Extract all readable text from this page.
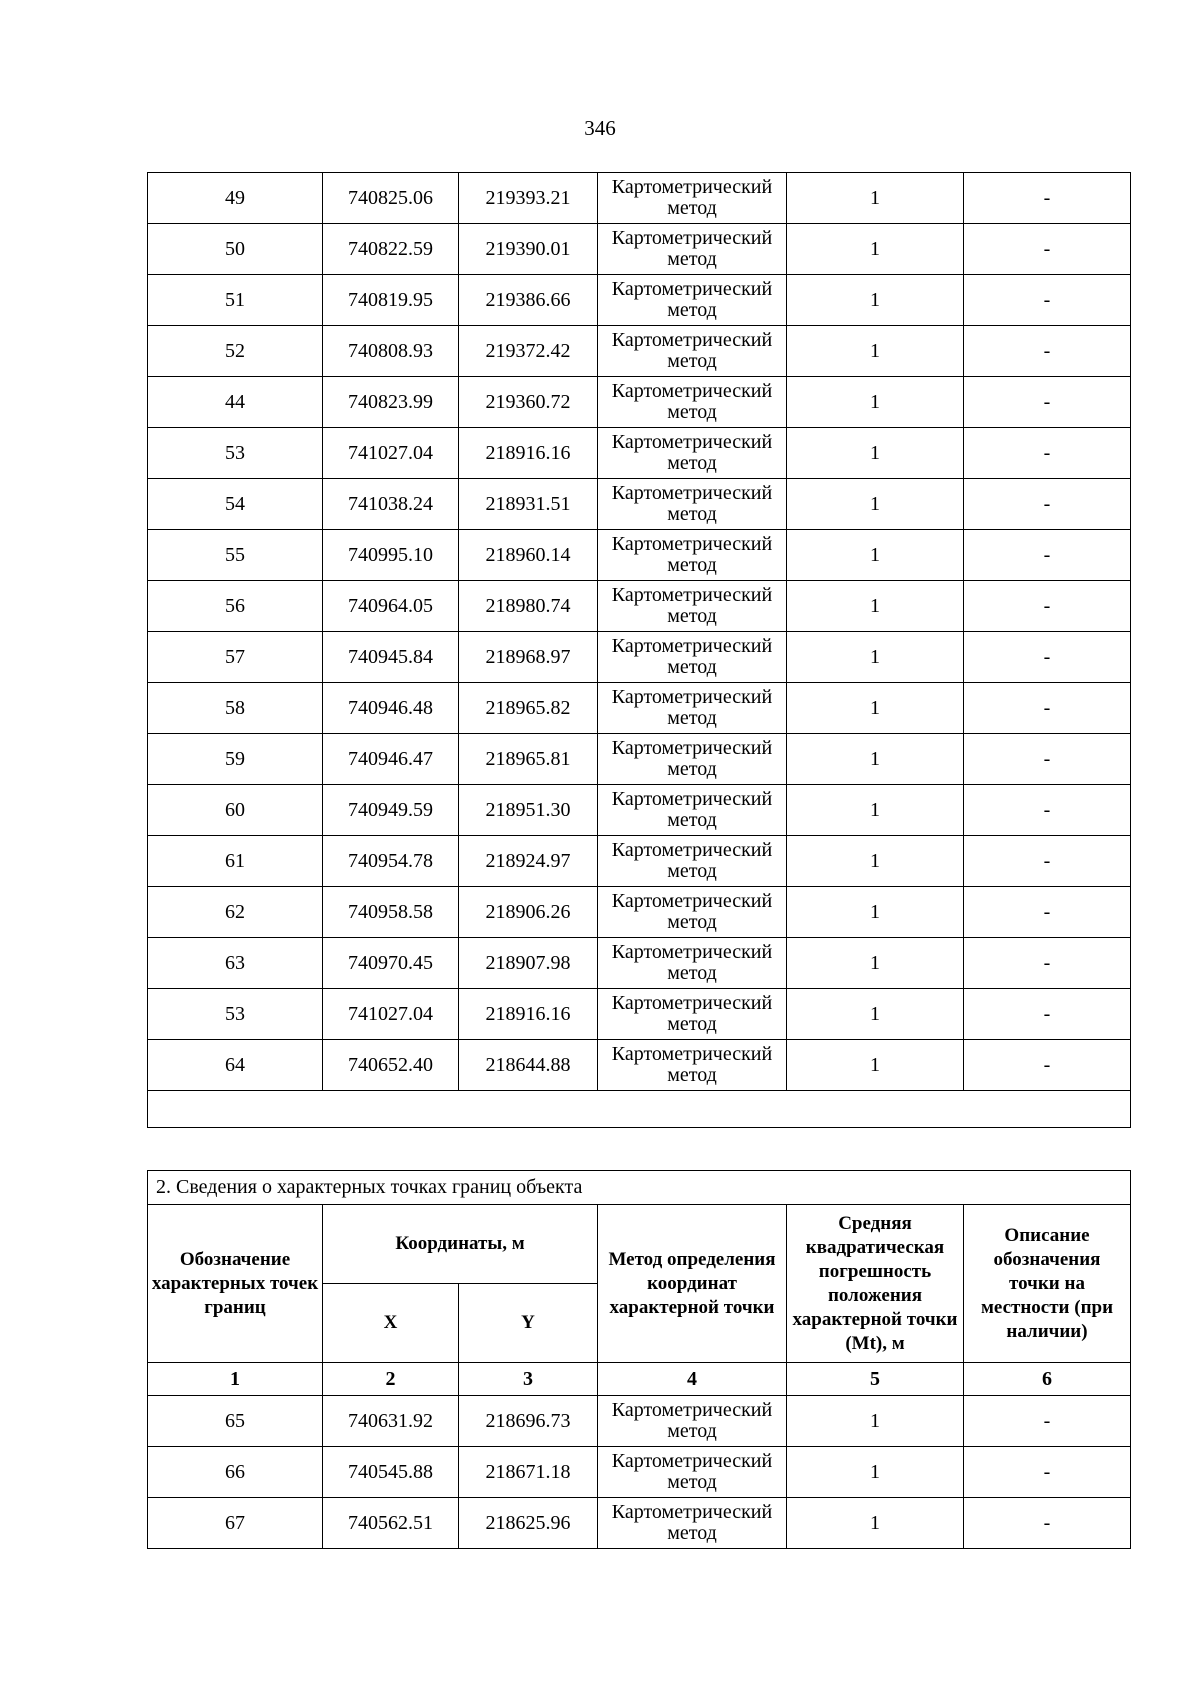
346
49	740825.06	219393.21	Картометрический метод	1	-
50	740822.59	219390.01	Картометрический метод	1	-
51	740819.95	219386.66	Картометрический метод	1	-
52	740808.93	219372.42	Картометрический метод	1	-
44	740823.99	219360.72	Картометрический метод	1	-
53	741027.04	218916.16	Картометрический метод	1	-
54	741038.24	218931.51	Картометрический метод	1	-
55	740995.10	218960.14	Картометрический метод	1	-
56	740964.05	218980.74	Картометрический метод	1	-
57	740945.84	218968.97	Картометрический метод	1	-
58	740946.48	218965.82	Картометрический метод	1	-
59	740946.47	218965.81	Картометрический метод	1	-
60	740949.59	218951.30	Картометрический метод	1	-
61	740954.78	218924.97	Картометрический метод	1	-
62	740958.58	218906.26	Картометрический метод	1	-
63	740970.45	218907.98	Картометрический метод	1	-
53	741027.04	218916.16	Картометрический метод	1	-
64	740652.40	218644.88	Картометрический метод	1	-

2. Сведения о характерных точках границ объекта					
Обозначение характерных точек границ	Координаты, м		Метод определения координат характерной точки	Средняя квадратическая погрешность положения характерной точки (Mt), м	Описание обозначения точки на местности (при наличии)
	X	Y			
1	2	3	4	5	6
65	740631.92	218696.73	Картометрический метод	1	-
66	740545.88	218671.18	Картометрический метод	1	-
67	740562.51	218625.96	Картометрический метод	1	-
